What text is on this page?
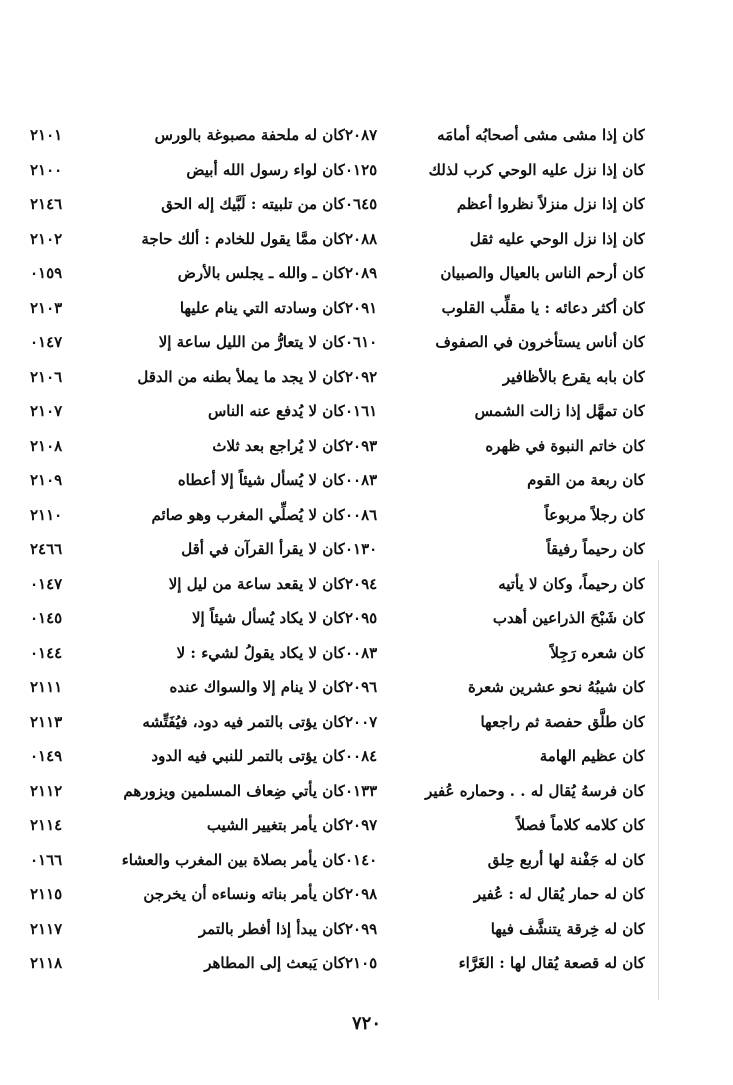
كان إذا مشى مشى أصحابُه أمامَه
٢٠٨٧
كان إذا نزل عليه الوحي كرب لذلك
٠١٢٥
كان إذا نزل منزلاً نظروا أعظم
٠٦٤٥
كان إذا نزل الوحي عليه ثقل
٢٠٨٨
كان أرحم الناس بالعيال والصبيان
٢٠٨٩
كان أكثر دعائه : يا مقلِّب القلوب
٢٠٩١
كان أناس يستأخرون في الصفوف
٠٦١٠
كان بابه يقرع بالأظافير
٢٠٩٢
كان تمهَّل إذا زالت الشمس
٠١٦١
كان خاتم النبوة في ظهره
٢٠٩٣
كان ربعة من القوم
٠٠٨٣
كان رجلاً مربوعاً
٠٠٨٦
كان رحيماً رفيقاً
٠١٣٠
كان رحيماً، وكان لا يأتيه
٢٠٩٤
كان شَبْحَ الذراعين أهدب
٢٠٩٥
كان شعره رَجِلاً
٠٠٨٣
كان شيبُهُ نحو عشرين شعرة
٢٠٩٦
كان طلَّق حفصة ثم راجعها
٢٠٠٧
كان عظيم الهامة
٠٠٨٤
كان فرسهُ يُقال له . . وحماره عُفير
٠١٣٣
كان كلامه كلاماً فصلاً
٢٠٩٧
كان له جَفْنة لها أربع حِلق
٠١٤٠
كان له حمار يُقال له : عُفير
٢٠٩٨
كان له خِرقة يتنشَّف فيها
٢٠٩٩
كان له قصعة يُقال لها : الغَرَّاء
٢١٠٥
كان له ملحفة مصبوغة بالورس
٢١٠١
كان لواء رسول الله أبيض
٢١٠٠
كان من تلبيته : لَبَّيك إله الحق
٢١٤٦
كان ممَّا يقول للخادم : ألك حاجة
٢١٠٢
كان ـ والله ـ يجلس بالأرض
٠١٥٩
كان وسادته التي ينام عليها
٢١٠٣
كان لا يتعارُّ من الليل ساعة إلا
٠١٤٧
كان لا يجد ما يملأ بطنه من الدقل
٢١٠٦
كان لا يُدفع عنه الناس
٢١٠٧
كان لا يُراجع بعد ثلاث
٢١٠٨
كان لا يُسأل شيئاً إلا أعطاه
٢١٠٩
كان لا يُصلِّي المغرب وهو صائم
٢١١٠
كان لا يقرأ القرآن في أقل
٢٤٦٦
كان لا يقعد ساعة من ليل إلا
٠١٤٧
كان لا يكاد يُسأل شيئاً إلا
٠١٤٥
كان لا يكاد يقولُ لشيء : لا
٠١٤٤
كان لا ينام إلا والسواك عنده
٢١١١
كان يؤتى بالتمر فيه دود، فيُفَتِّشه
٢١١٣
كان يؤتى بالتمر للنبي فيه الدود
٠١٤٩
كان يأتي ضِعاف المسلمين ويزورهم
٢١١٢
كان يأمر بتغيير الشيب
٢١١٤
كان يأمر بصلاة بين المغرب والعشاء
٠١٦٦
كان يأمر بناته ونساءه أن يخرجن
٢١١٥
كان يبدأ إذا أفطر بالتمر
٢١١٧
كان يَبعث إلى المطاهر
٢١١٨
٧٢٠
